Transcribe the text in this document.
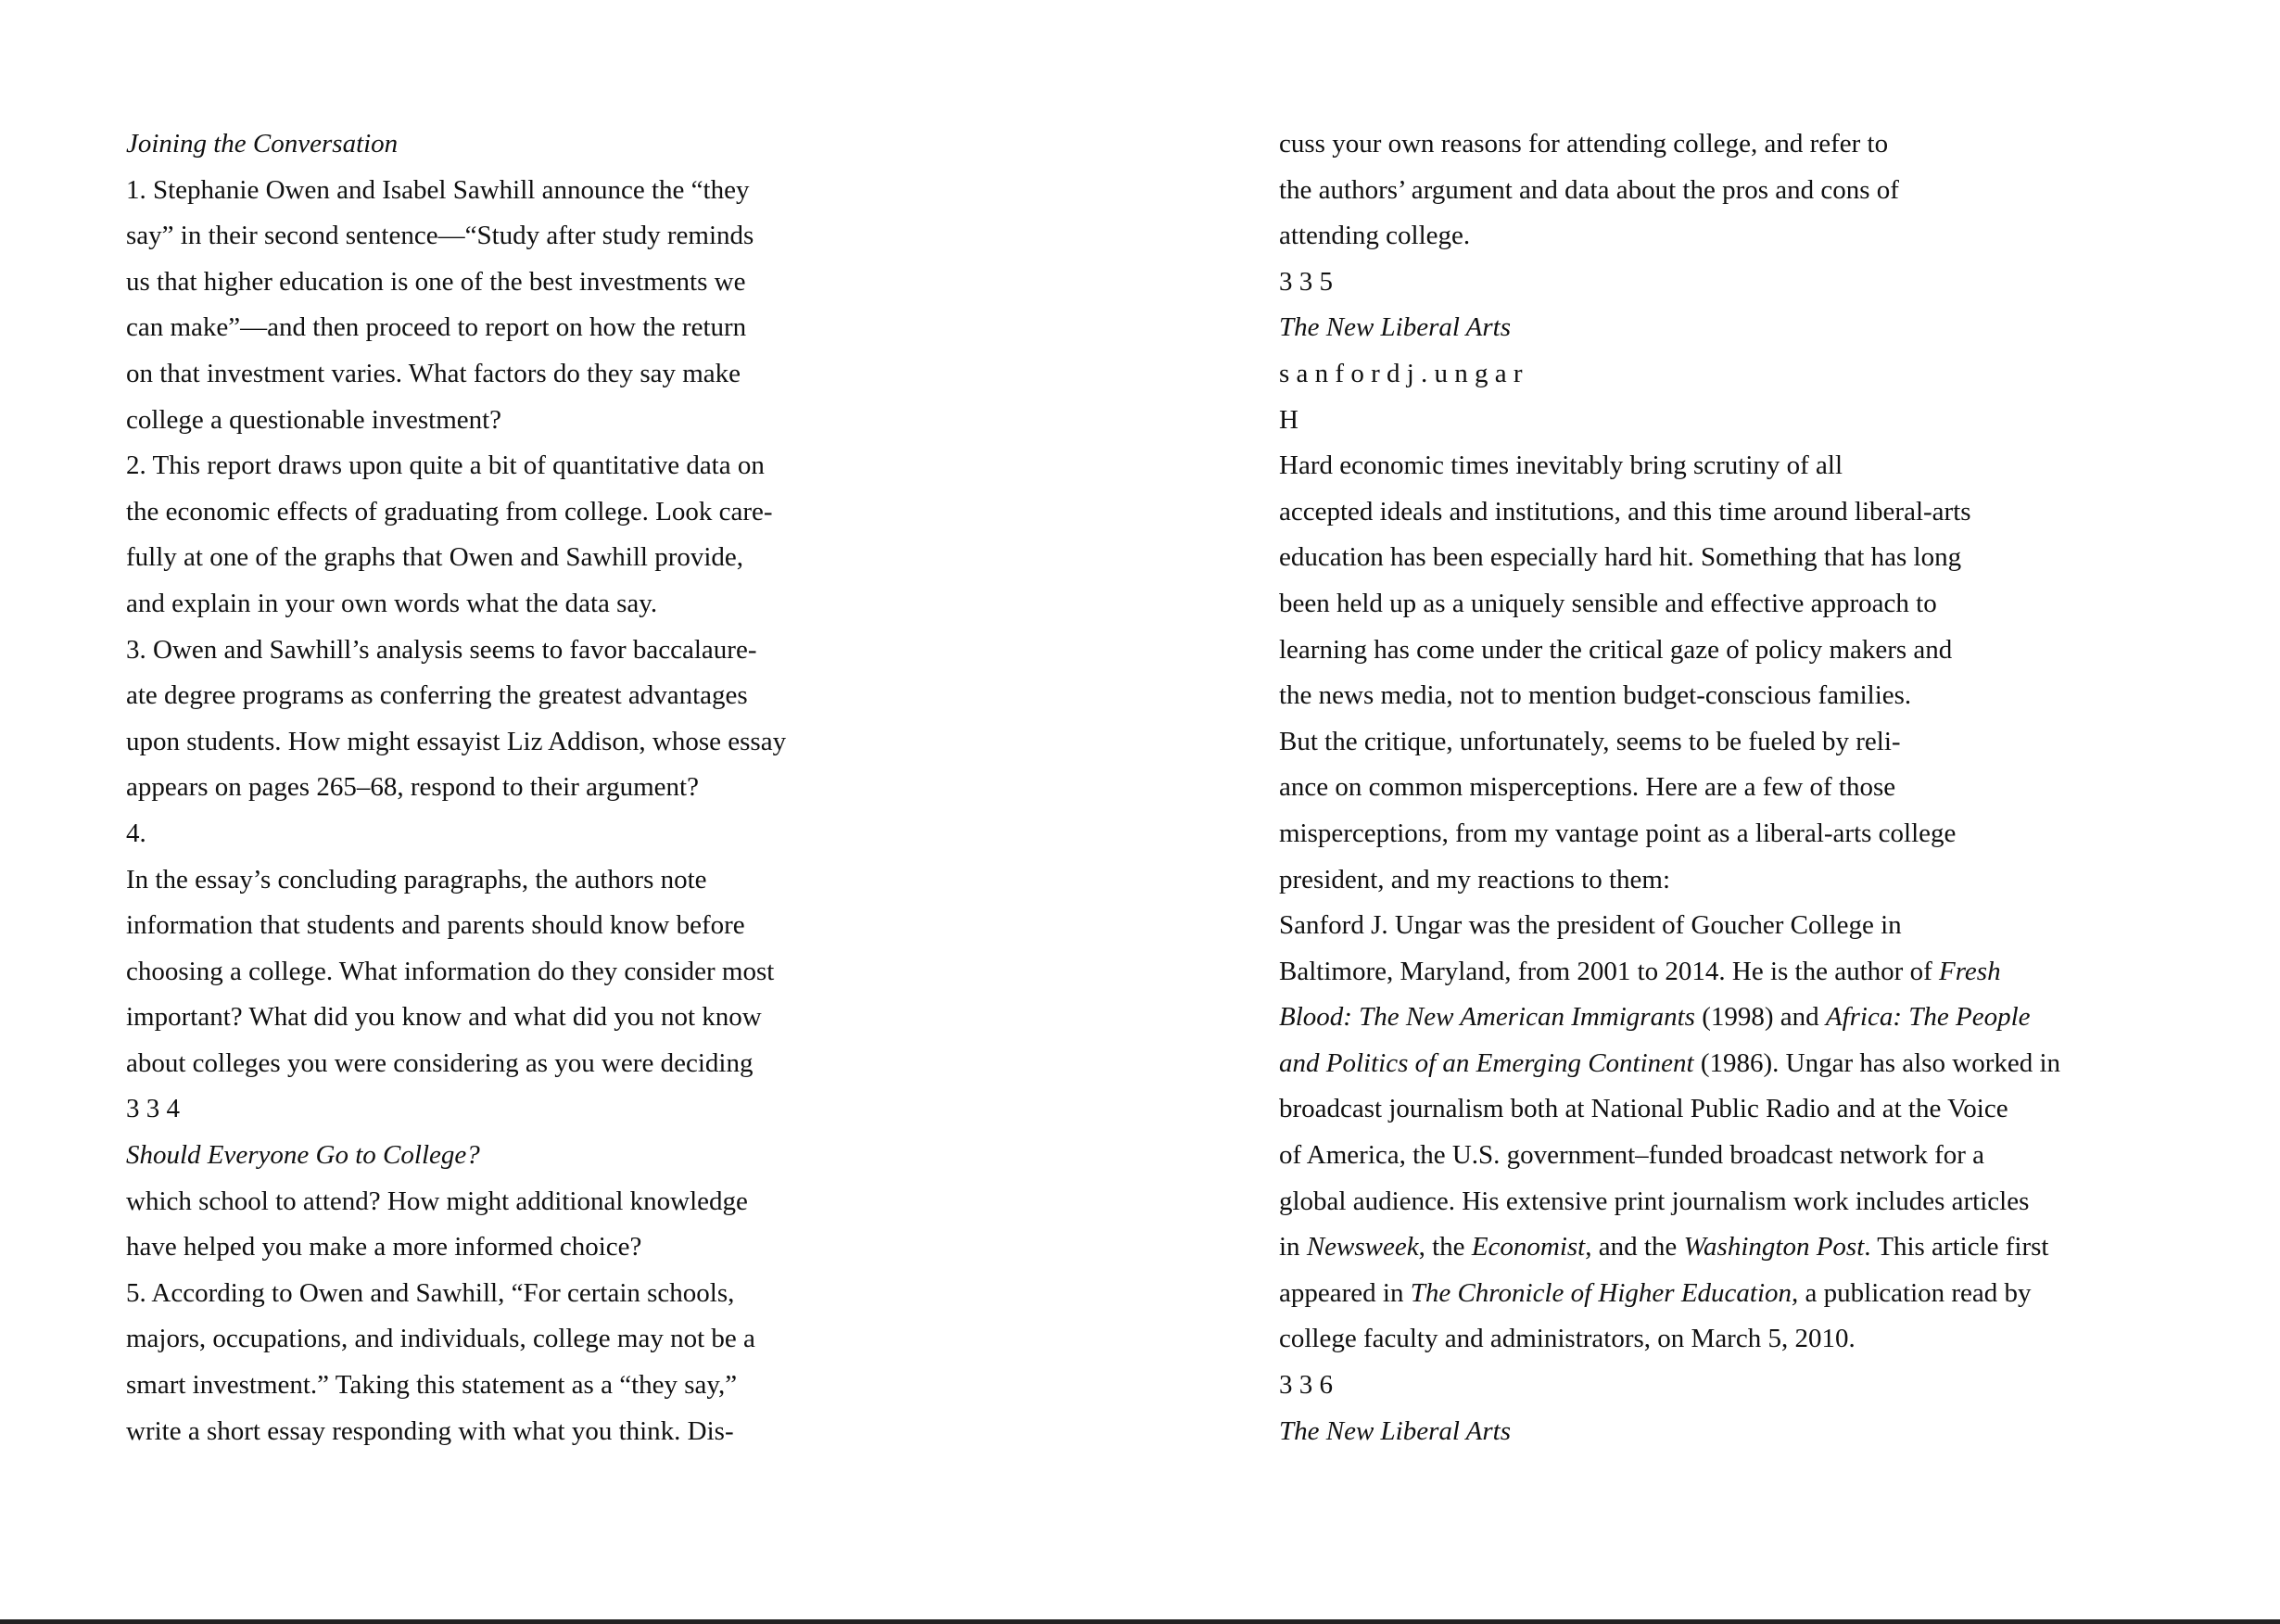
Joining the Conversation
1. Stephanie Owen and Isabel Sawhill announce the “they
say” in their second sentence—“Study after study reminds
us that higher education is one of the best investments we
can make”—and then proceed to report on how the return
on that investment varies. What factors do they say make
college a questionable investment?
2. This report draws upon quite a bit of quantitative data on
the economic effects of graduating from college. Look care-
fully at one of the graphs that Owen and Sawhill provide,
and explain in your own words what the data say.
3. Owen and Sawhill’s analysis seems to favor baccalaure-
ate degree programs as conferring the greatest advantages
upon students. How might essayist Liz Addison, whose essay
appears on pages 265–68, respond to their argument?
4.
In the essay’s concluding paragraphs, the authors note
information that students and parents should know before
choosing a college. What information do they consider most
important? What did you know and what did you not know
about colleges you were considering as you were deciding
3 3 4
Should Everyone Go to College?
which school to attend? How might additional knowledge
have helped you make a more informed choice?
5. According to Owen and Sawhill, “For certain schools,
majors, occupations, and individuals, college may not be a
smart investment.” Taking this statement as a “they say,”
write a short essay responding with what you think. Dis-
cuss your own reasons for attending college, and refer to
the authors’ argument and data about the pros and cons of
attending college.
3 3 5
The New Liberal Arts
s a n f o r d j . u n g a r
H
Hard economic times inevitably bring scrutiny of all
accepted ideals and institutions, and this time around liberal-arts
education has been especially hard hit. Something that has long
been held up as a uniquely sensible and effective approach to
learning has come under the critical gaze of policy makers and
the news media, not to mention budget-conscious families.
But the critique, unfortunately, seems to be fueled by reli-
ance on common misperceptions. Here are a few of those
misperceptions, from my vantage point as a liberal-arts college
president, and my reactions to them:
Sanford J. Ungar was the president of Goucher College in
Baltimore, Maryland, from 2001 to 2014. He is the author of Fresh
Blood: The New American Immigrants (1998) and Africa: The People
and Politics of an Emerging Continent (1986). Ungar has also worked in
broadcast journalism both at National Public Radio and at the Voice
of America, the U.S. government–funded broadcast network for a
global audience. His extensive print journalism work includes articles
in Newsweek, the Economist, and the Washington Post. This article first
appeared in The Chronicle of Higher Education, a publication read by
college faculty and administrators, on March 5, 2010.
3 3 6
The New Liberal Arts
